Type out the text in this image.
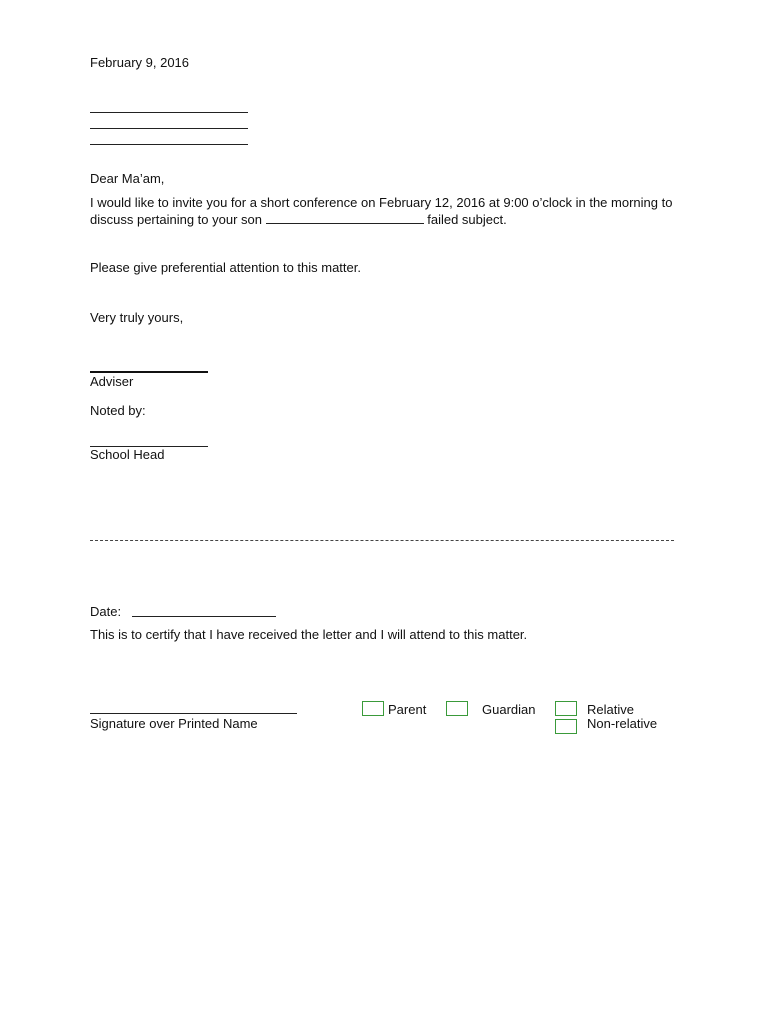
February 9, 2016
Dear Ma’am,
I would like to invite you for a short conference on February 12, 2016 at 9:00 o’clock in the morning to discuss pertaining to your son	failed subject.
Please give preferential attention to this matter.
Very truly yours,
Adviser
Noted by:
School Head
Date:
This is to certify that I have received the letter and I will attend to this matter.
Signature over Printed Name
Parent	Guardian	Relative
Non-relative
